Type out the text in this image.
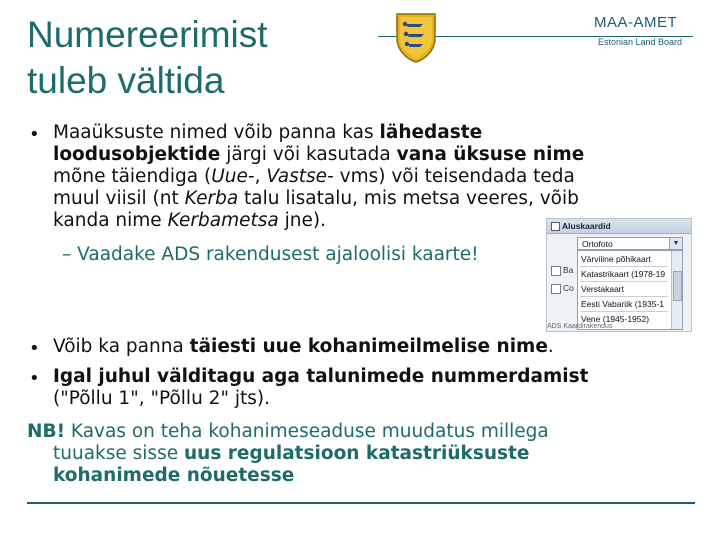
Numereerimist
tuleb vältida
MAA-AMET
Estonian Land Board
• Maaüksuste nimed võib panna kas lähedaste
loodusobjektide järgi või kasutada vana üksuse nime
mõne täiendiga (Uue-, Vastse- vms) või teisendada teda
muul viisil (nt Kerba talu lisatalu, mis metsa veeres, võib
kanda nime Kerbametsa jne).
– Vaadake ADS rakendusest ajaloolisi kaarte!
• Võib ka panna täiesti uue kohanimeilmelise nime.
• Igal juhul välditagu aga talunimede nummerdamist
("Põllu 1", "Põllu 2" jts).
NB! Kavas on teha kohanimeseaduse muudatus millega
tuuakse sisse uus regulatsioon katastriüksuste
kohanimede nõuetesse
Aluskaardid
Ba
Co
Ortofoto	▼
Värviline põhikaart
Katastrikaart (1978-19
Verstakaart
Eesti Vabariik (1935-1
Vene (1945-1952)
ADS Kaardirakendus
